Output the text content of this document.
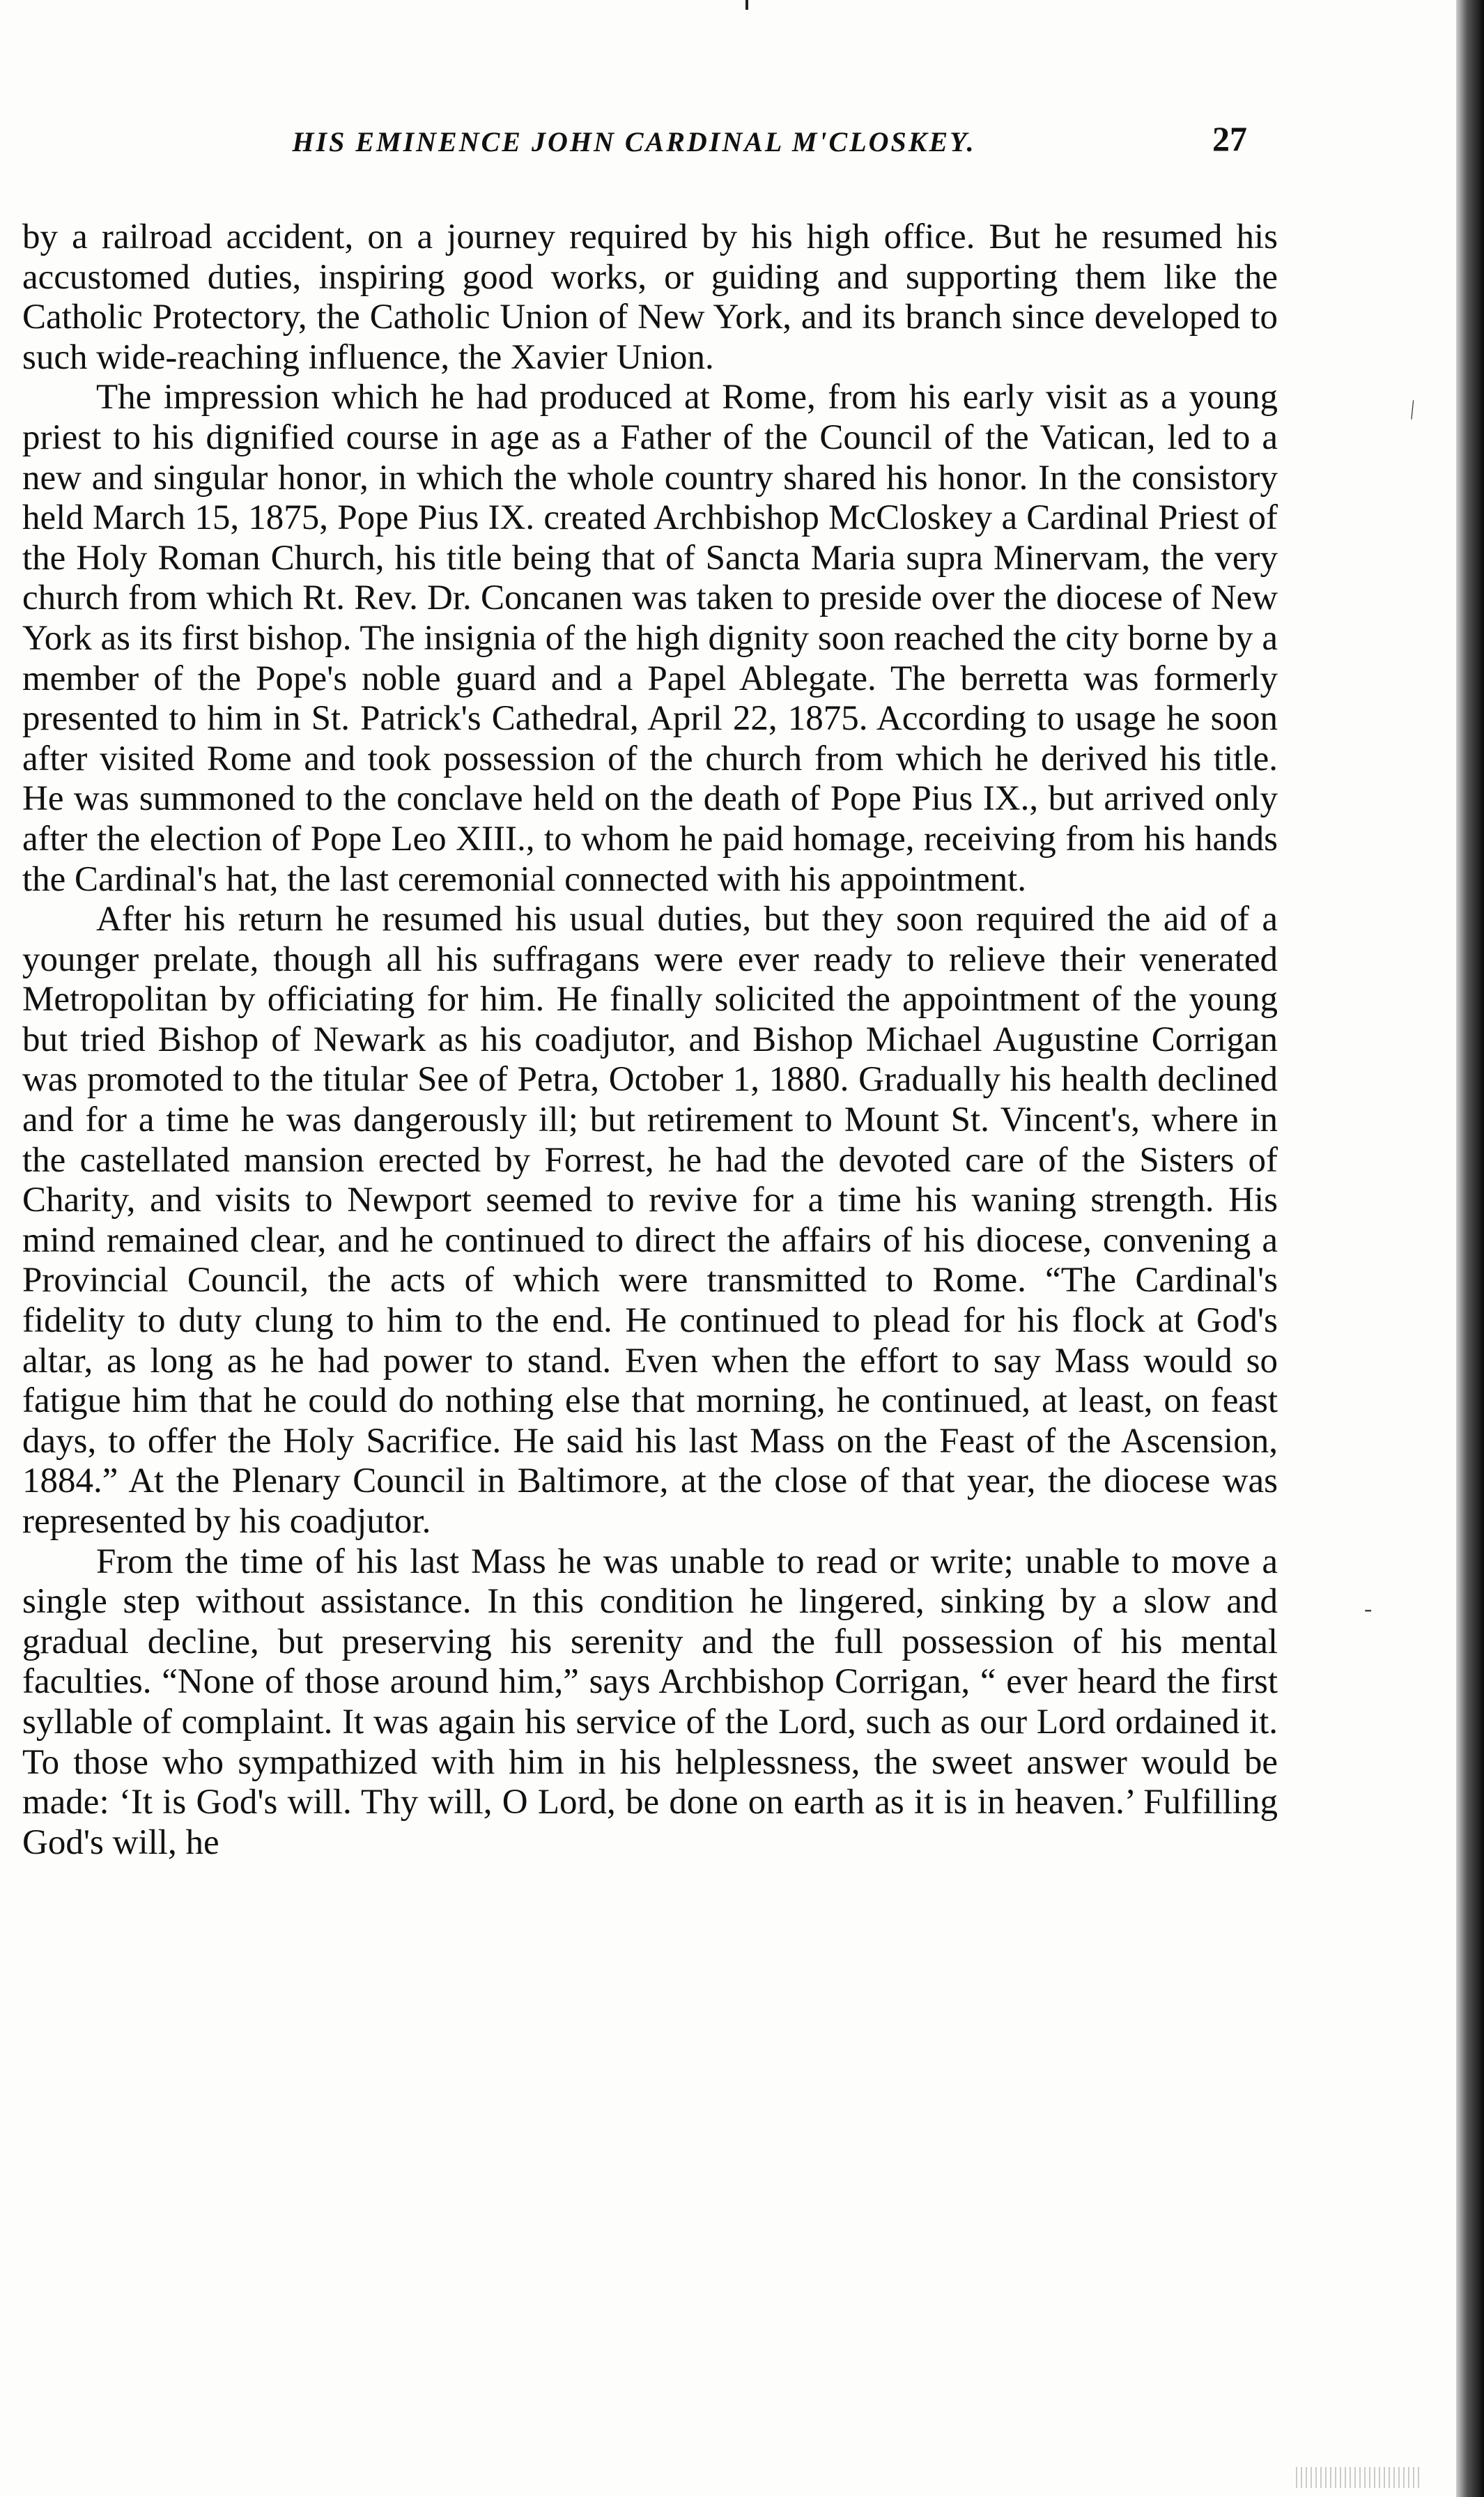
HIS EMINENCE JOHN CARDINAL M'CLOSKEY.	27

by a railroad accident, on a journey required by his high office. But he resumed his accustomed duties, inspiring good works, or guiding and supporting them like the Catholic Protectory, the Catholic Union of New York, and its branch since developed to such wide-reaching influence, the Xavier Union.

The impression which he had produced at Rome, from his early visit as a young priest to his dignified course in age as a Father of the Council of the Vatican, led to a new and singular honor, in which the whole country shared his honor. In the consistory held March 15, 1875, Pope Pius IX. created Archbishop McCloskey a Cardinal Priest of the Holy Roman Church, his title being that of Sancta Maria supra Minervam, the very church from which Rt. Rev. Dr. Concanen was taken to preside over the diocese of New York as its first bishop. The insignia of the high dignity soon reached the city borne by a member of the Pope's noble guard and a Papel Ablegate. The berretta was formerly presented to him in St. Patrick's Cathedral, April 22, 1875. According to usage he soon after visited Rome and took possession of the church from which he derived his title. He was summoned to the conclave held on the death of Pope Pius IX., but arrived only after the election of Pope Leo XIII., to whom he paid homage, receiving from his hands the Cardinal's hat, the last ceremonial connected with his appointment.

After his return he resumed his usual duties, but they soon required the aid of a younger prelate, though all his suffragans were ever ready to relieve their venerated Metropolitan by officiating for him. He finally solicited the appointment of the young but tried Bishop of Newark as his coadjutor, and Bishop Michael Augustine Corrigan was promoted to the titular See of Petra, October 1, 1880. Gradually his health declined and for a time he was dangerously ill; but retirement to Mount St. Vincent's, where in the castellated mansion erected by Forrest, he had the devoted care of the Sisters of Charity, and visits to Newport seemed to revive for a time his waning strength. His mind remained clear, and he continued to direct the affairs of his diocese, convening a Provincial Council, the acts of which were transmitted to Rome. “The Cardinal's fidelity to duty clung to him to the end. He continued to plead for his flock at God's altar, as long as he had power to stand. Even when the effort to say Mass would so fatigue him that he could do nothing else that morning, he continued, at least, on feast days, to offer the Holy Sacrifice. He said his last Mass on the Feast of the Ascension, 1884.” At the Plenary Council in Baltimore, at the close of that year, the diocese was represented by his coadjutor.

From the time of his last Mass he was unable to read or write; unable to move a single step without assistance. In this condition he lingered, sinking by a slow and gradual decline, but preserving his serenity and the full possession of his mental faculties. “None of those around him,” says Archbishop Corrigan, “ ever heard the first syllable of complaint. It was again his service of the Lord, such as our Lord ordained it. To those who sympathized with him in his helplessness, the sweet answer would be made: ‘It is God's will. Thy will, O Lord, be done on earth as it is in heaven.’ Fulfilling God's will, he

⁄
‐
